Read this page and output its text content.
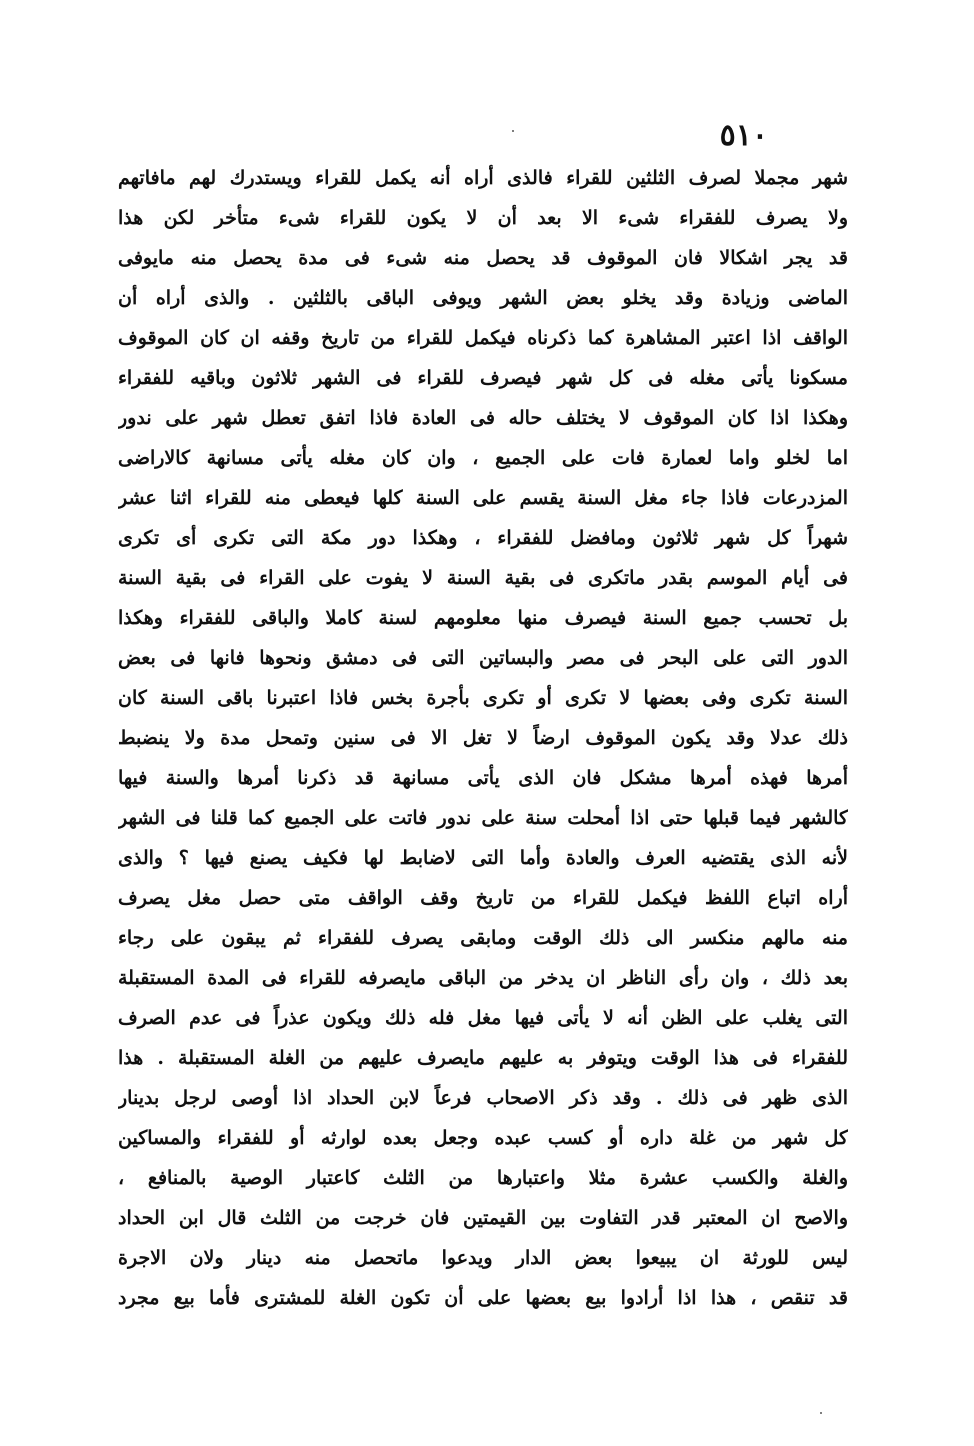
٥١٠
شهر مجملا لصرف الثلثين للقراء فالذى أراه أنه يكمل للقراء ويستدرك لهم مافاتهم
ولا يصرف للفقراء شىء الا بعد أن لا يكون للقراء شىء متأخر لكن هذا
قد يجر اشكالا فان الموقوف قد يحصل منه شىء فى مدة يحصل منه مايوفى
الماضى وزيادة وقد يخلو بعض الشهر ويوفى الباقى بالثلثين . والذى أراه أن
الواقف اذا اعتبر المشاهرة كما ذكرناه فيكمل للقراء من تاريخ وقفه ان كان الموقوف
مسكونا يأتى مغله فى كل شهر فيصرف للقراء فى الشهر ثلاثون وباقيه للفقراء
وهكذا اذا كان الموقوف لا يختلف حاله فى العادة فاذا اتفق تعطل شهر على ندور
اما لخلو واما لعمارة فات على الجميع ، وان كان مغله يأتى مسانهة كالاراضى
المزدرعات فاذا جاء مغل السنة يقسم على السنة كلها فيعطى منه للقراء اثنا عشر
شهراً كل شهر ثلاثون ومافضل للفقراء ، وهكذا دور مكة التى تكرى أى تكرى
فى أيام الموسم بقدر ماتكرى فى بقية السنة لا يفوت على القراء فى بقية السنة
بل تحسب جميع السنة فيصرف منها معلومهم لسنة كاملا والباقى للفقراء وهكذا
الدور التى على البحر فى مصر والبساتين التى فى دمشق ونحوها فانها فى بعض
السنة تكرى وفى بعضها لا تكرى أو تكرى بأجرة بخس فاذا اعتبرنا باقى السنة كان
ذلك عدلا وقد يكون الموقوف ارضاً لا تغل الا فى سنين وتمحل مدة ولا ينضبط
أمرها فهذه أمرها مشكل فان الذى يأتى مسانهة قد ذكرنا أمرها والسنة فيها
كالشهر فيما قبلها حتى اذا أمحلت سنة على ندور فاتت على الجميع كما قلنا فى الشهر
لأنه الذى يقتضيه العرف والعادة وأما التى لاضابط لها فكيف يصنع فيها ؟ والذى
أراه اتباع اللفظ فيكمل للقراء من تاريخ وقف الواقف متى حصل مغل يصرف
منه مالهم منكسر الى ذلك الوقت ومابقى يصرف للفقراء ثم يبقون على رجاء
بعد ذلك ، وان رأى الناظر ان يدخر من الباقى مايصرفه للقراء فى المدة المستقبلة
التى يغلب على الظن أنه لا يأتى فيها مغل فله ذلك ويكون عذراً فى عدم الصرف
للفقراء فى هذا الوقت ويتوفر به عليهم مايصرف عليهم من الغلة المستقبلة . هذا
الذى ظهر فى ذلك . وقد ذكر الاصحاب فرعاً لابن الحداد اذا أوصى لرجل بدينار
كل شهر من غلة داره أو كسب عبده وجعل بعده لوارثه أو للفقراء والمساكين
والغلة والكسب عشرة مثلا واعتبارها من الثلث كاعتبار الوصية بالمنافع ،
والاصح ان المعتبر قدر التفاوت بين القيمتين فان خرجت من الثلث قال ابن الحداد
ليس للورثة ان يبيعوا بعض الدار ويدعوا ماتحصل منه دينار ولان الاجرة
قد تنقص ، هذا اذا أرادوا بيع بعضها على أن تكون الغلة للمشترى فأما بيع مجرد
